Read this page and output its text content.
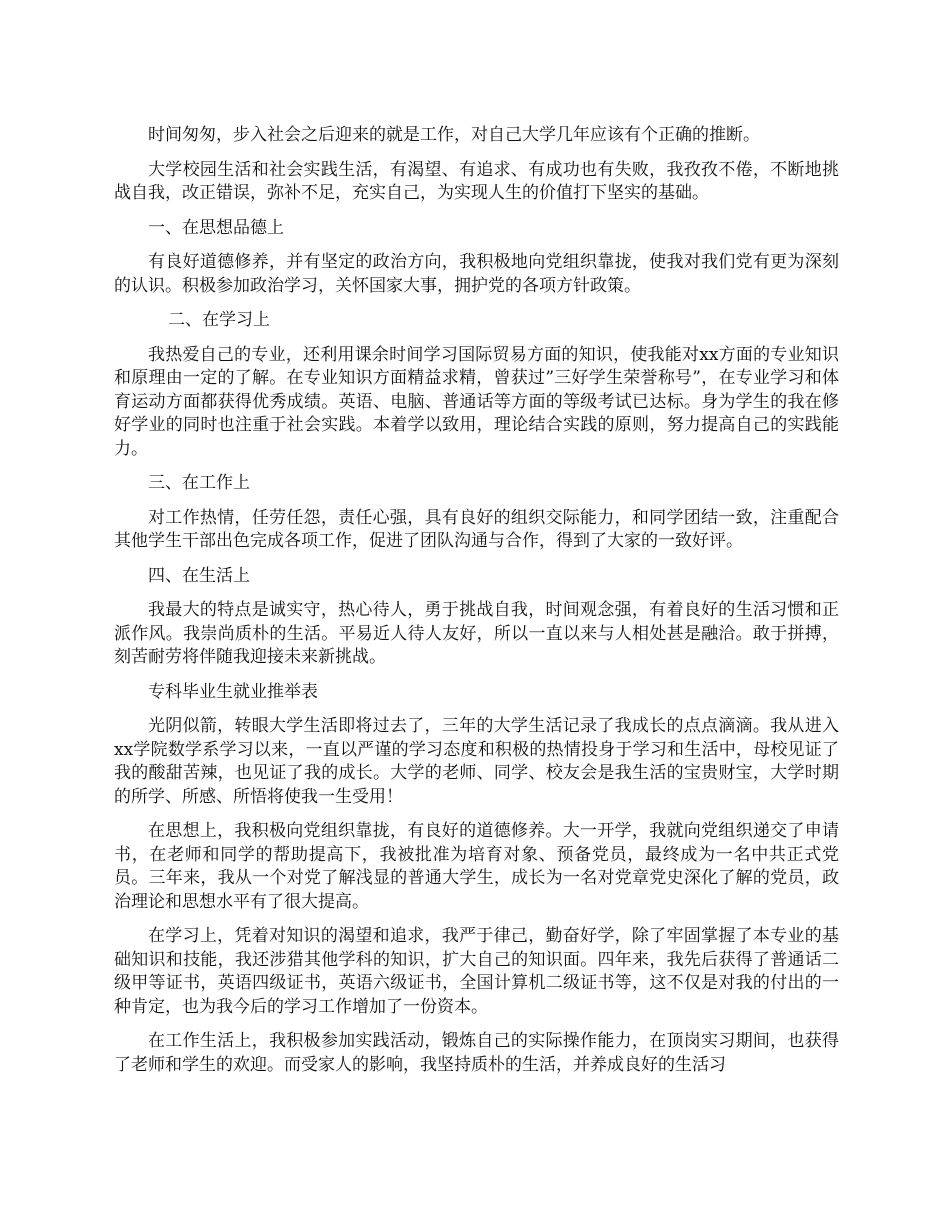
时间匆匆，步入社会之后迎来的就是工作，对自己大学几年应该有个正确的推断。

大学校园生活和社会实践生活，有渴望、有追求、有成功也有失败，我孜孜不倦，不断地挑战自我，改正错误，弥补不足，充实自己，为实现人生的价值打下坚实的基础。

一、在思想品德上

有良好道德修养，并有坚定的政治方向，我积极地向党组织靠拢，使我对我们党有更为深刻的认识。积极参加政治学习，关怀国家大事，拥护党的各项方针政策。

二、在学习上

我热爱自己的专业，还利用课余时间学习国际贸易方面的知识，使我能对xx方面的专业知识和原理由一定的了解。在专业知识方面精益求精，曾获过”三好学生荣誉称号”，在专业学习和体育运动方面都获得优秀成绩。英语、电脑、普通话等方面的等级考试已达标。身为学生的我在修好学业的同时也注重于社会实践。本着学以致用，理论结合实践的原则，努力提高自己的实践能力。

三、在工作上

对工作热情，任劳任怨，责任心强，具有良好的组织交际能力，和同学团结一致，注重配合其他学生干部出色完成各项工作，促进了团队沟通与合作，得到了大家的一致好评。

四、在生活上

我最大的特点是诚实守，热心待人，勇于挑战自我，时间观念强，有着良好的生活习惯和正派作风。我崇尚质朴的生活。平易近人待人友好，所以一直以来与人相处甚是融洽。敢于拼搏，刻苦耐劳将伴随我迎接未来新挑战。

专科毕业生就业推举表

光阴似箭，转眼大学生活即将过去了，三年的大学生活记录了我成长的点点滴滴。我从进入xx学院数学系学习以来，一直以严谨的学习态度和积极的热情投身于学习和生活中，母校见证了我的酸甜苦辣，也见证了我的成长。大学的老师、同学、校友会是我生活的宝贵财宝，大学时期的所学、所感、所悟将使我一生受用！

在思想上，我积极向党组织靠拢，有良好的道德修养。大一开学，我就向党组织递交了申请书，在老师和同学的帮助提高下，我被批准为培育对象、预备党员，最终成为一名中共正式党员。三年来，我从一个对党了解浅显的普通大学生，成长为一名对党章党史深化了解的党员，政治理论和思想水平有了很大提高。

在学习上，凭着对知识的渴望和追求，我严于律己，勤奋好学，除了牢固掌握了本专业的基础知识和技能，我还涉猎其他学科的知识，扩大自己的知识面。四年来，我先后获得了普通话二级甲等证书，英语四级证书，英语六级证书，全国计算机二级证书等，这不仅是对我的付出的一种肯定，也为我今后的学习工作增加了一份资本。

在工作生活上，我积极参加实践活动，锻炼自己的实际操作能力，在顶岗实习期间，也获得了老师和学生的欢迎。而受家人的影响，我坚持质朴的生活，并养成良好的生活习
